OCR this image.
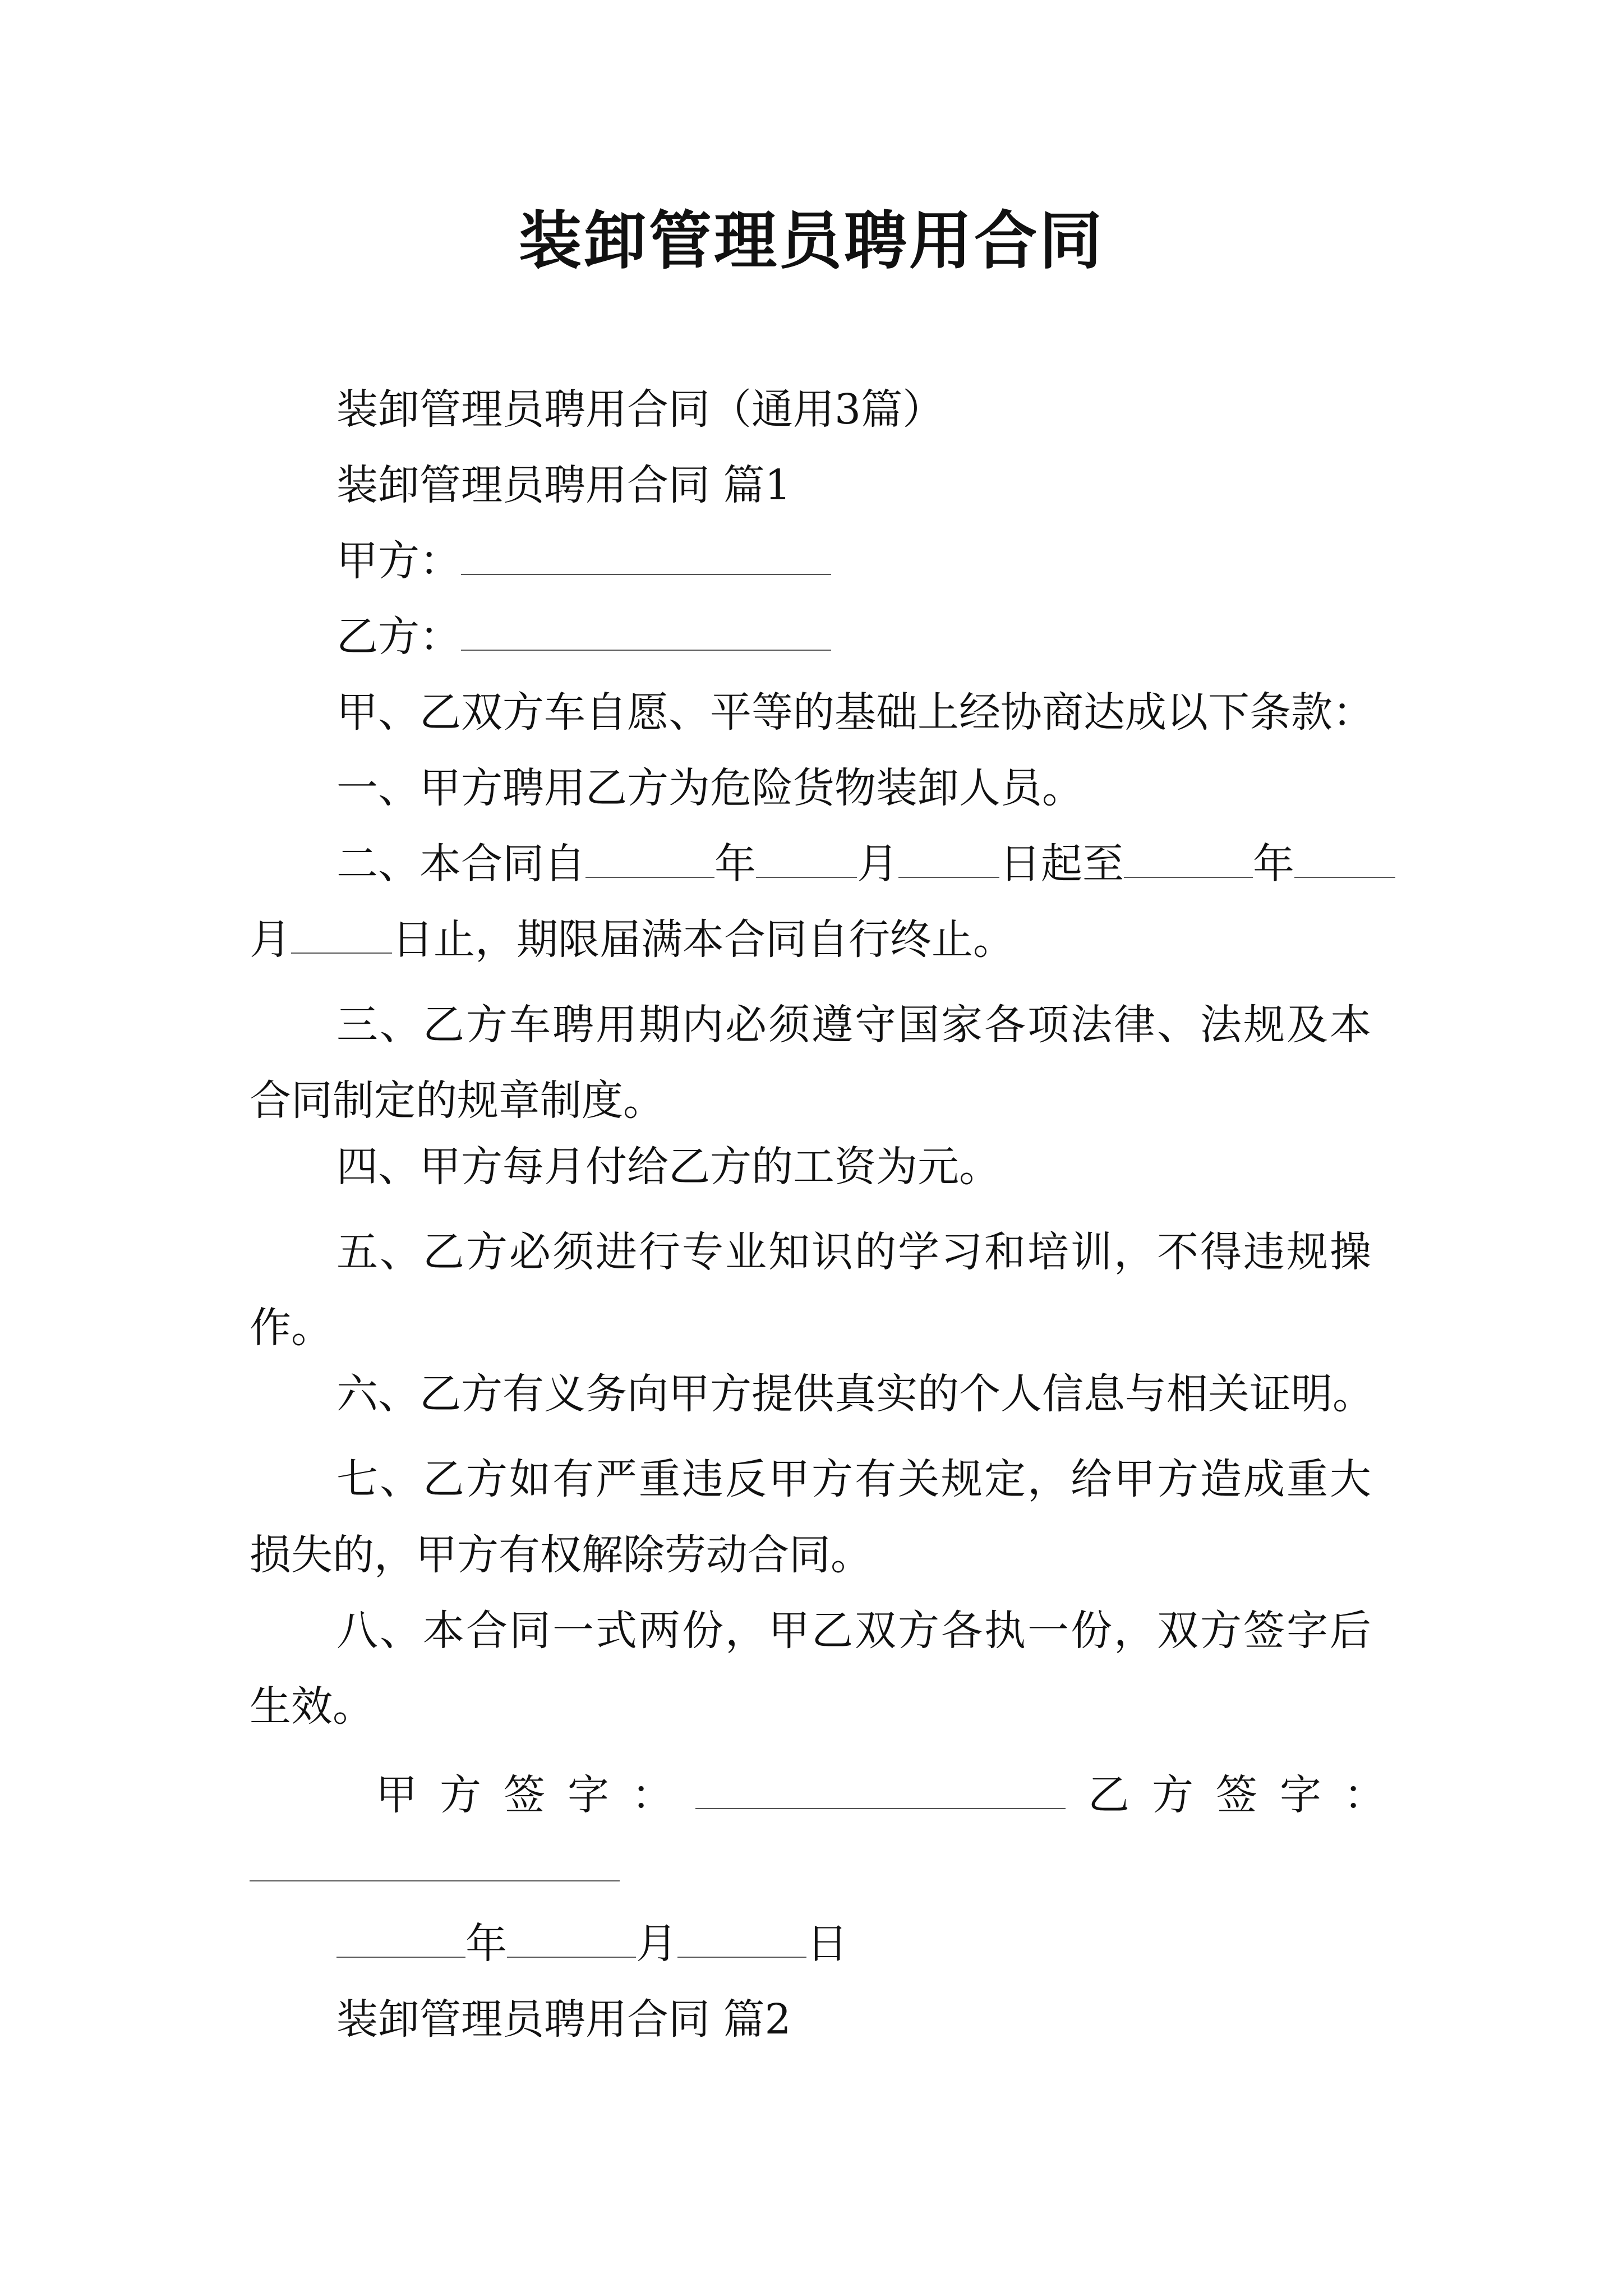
装卸管理员聘用合同
装卸管理员聘用合同（通用3篇）
装卸管理员聘用合同 篇1
甲方：
乙方：
甲、乙双方车自愿、平等的基础上经协商达成以下条款：
一、甲方聘用乙方为危险货物装卸人员。
二、本合同自	年 月 日起至	年
月 日止，期限届满本合同自行终止。
三、乙方车聘用期内必须遵守国家各项法律、法规及本合同制定的规章制度。
四、甲方每月付给乙方的工资为元。
五、乙方必须进行专业知识的学习和培训，不得违规操作。
六、乙方有义务向甲方提供真实的个人信息与相关证明。
七、乙方如有严重违反甲方有关规定，给甲方造成重大损失的，甲方有权解除劳动合同。
八、本合同一式两份，甲乙双方各执一份，双方签字后生效。
甲方签字：	乙方签字：
年	月	日
装卸管理员聘用合同 篇2
